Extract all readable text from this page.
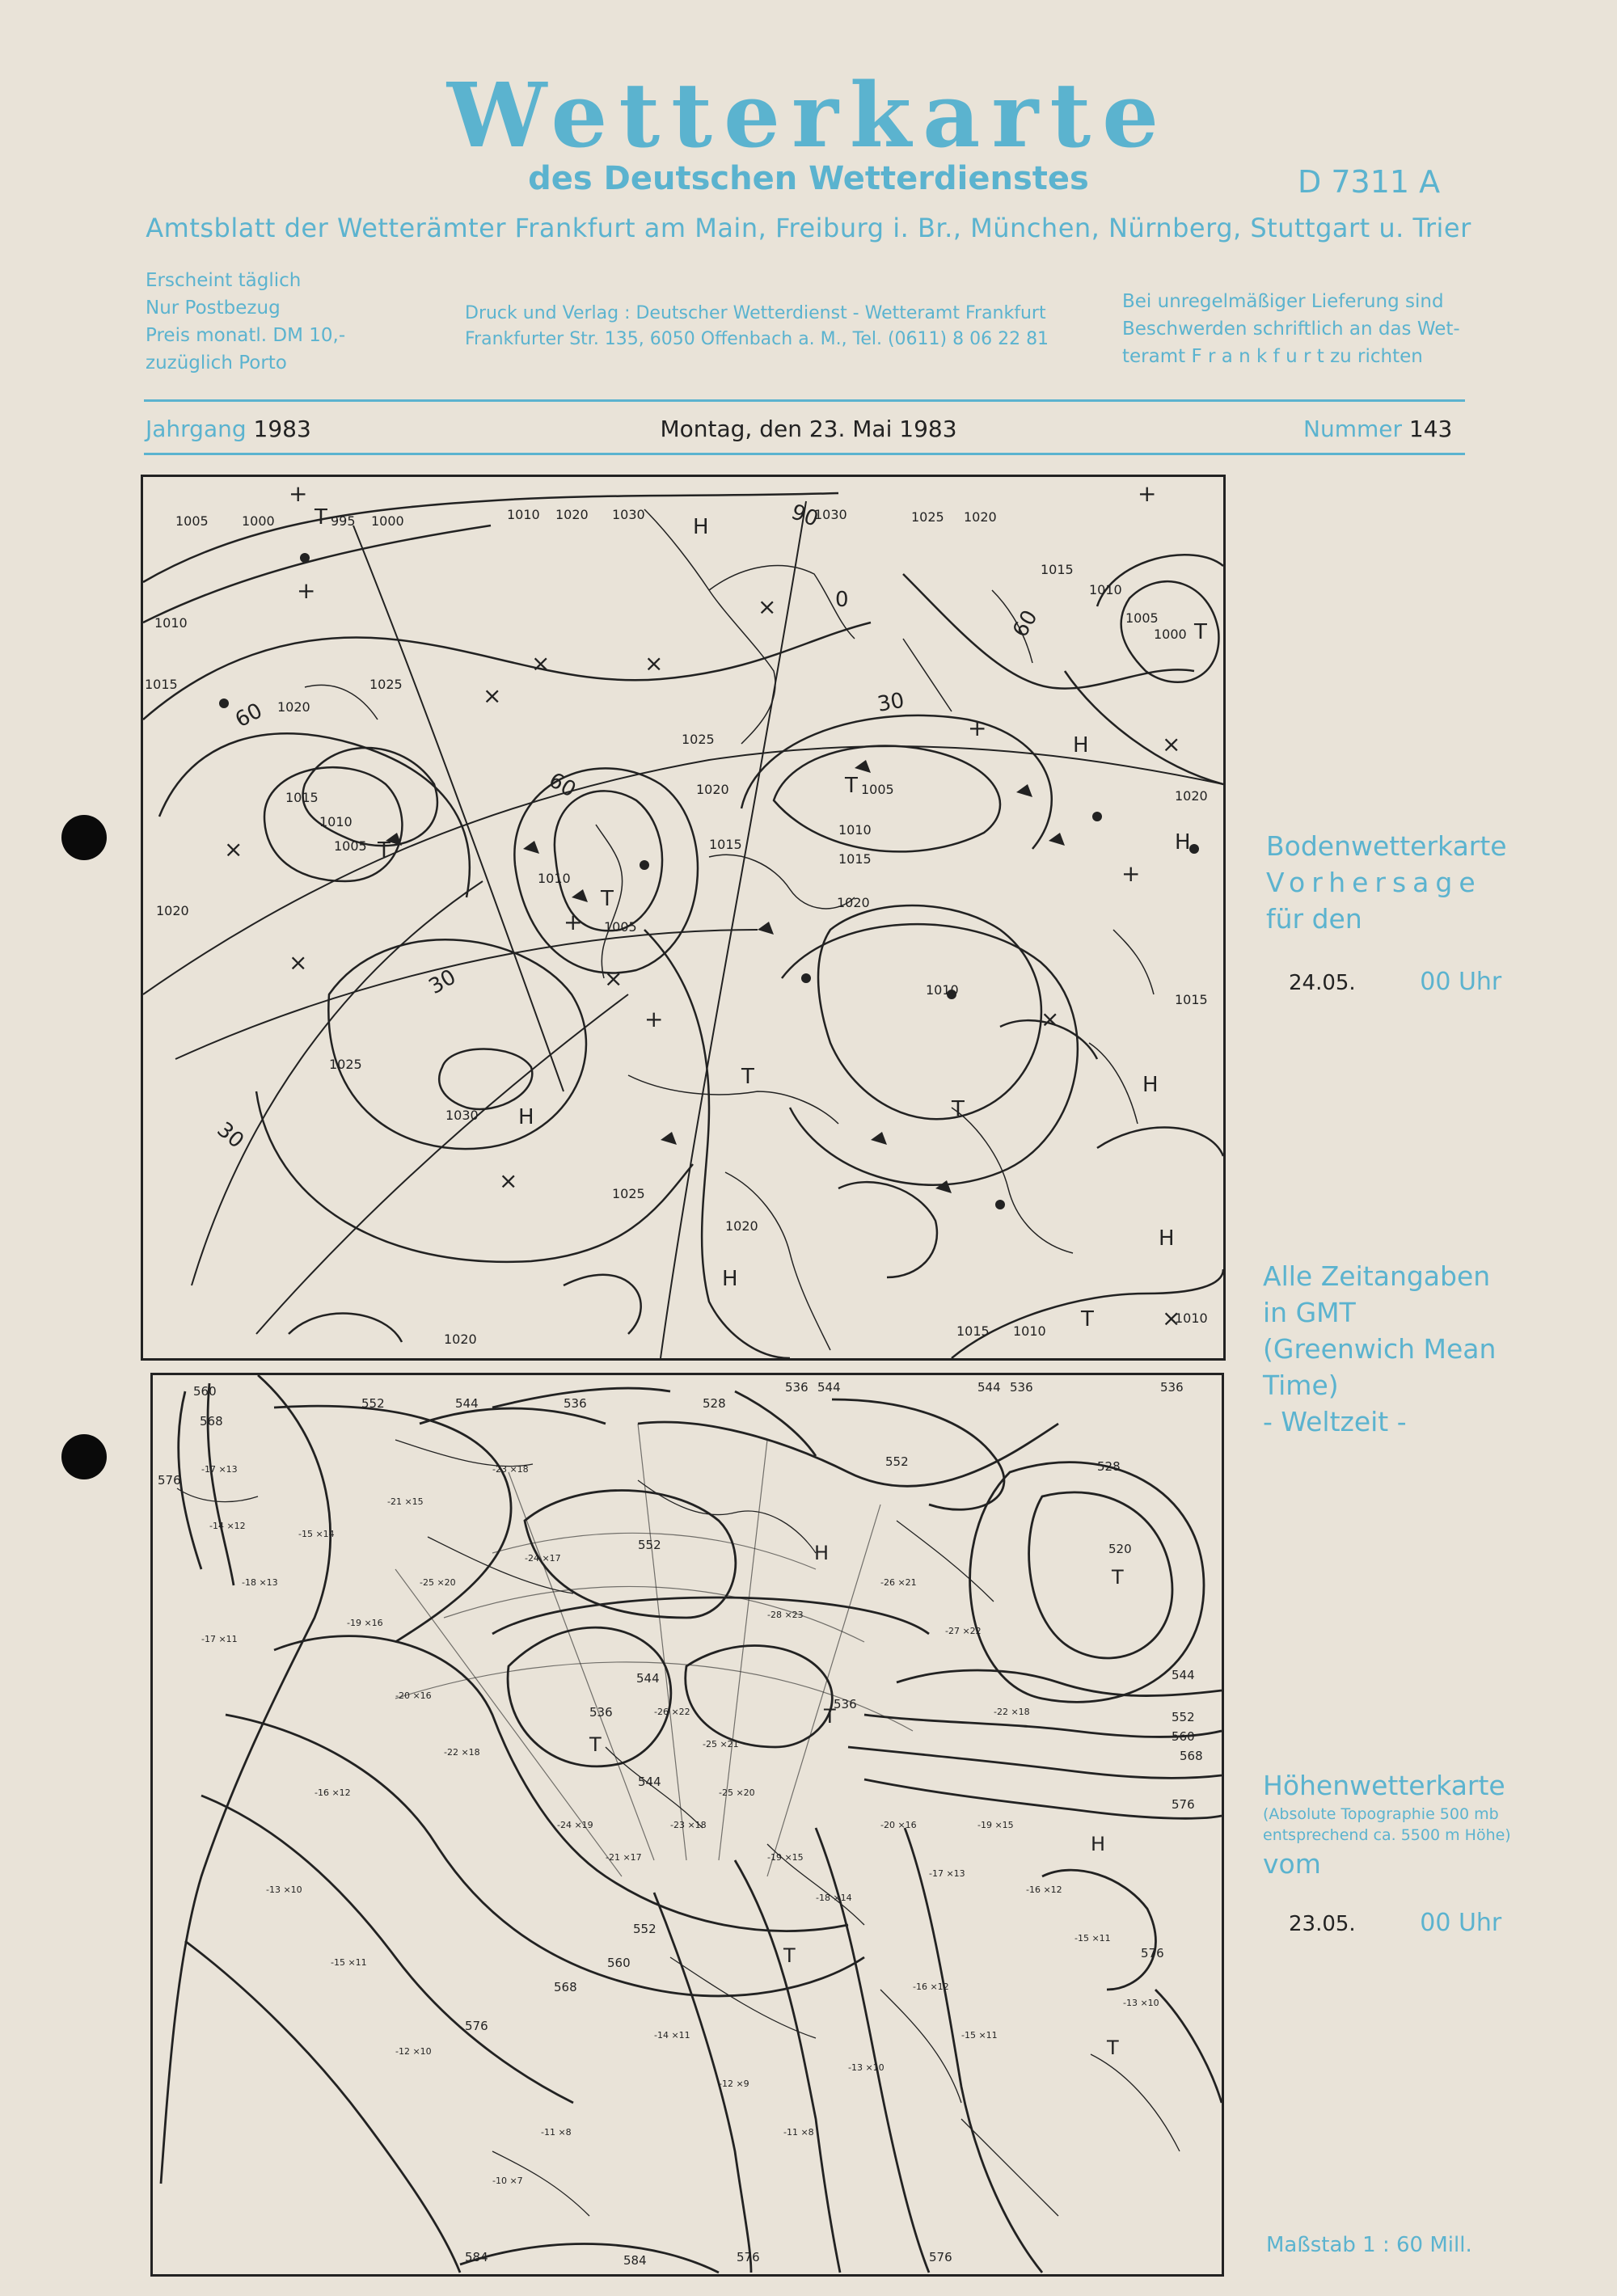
Wetterkarte
des Deutschen Wetterdienstes	D 7311 A
Amtsblatt der Wetterämter Frankfurt am Main, Freiburg i. Br., München, Nürnberg, Stuttgart u. Trier
Erscheint täglich
Nur Postbezug
Preis monatl. DM 10,-
zuzüglich Porto
Druck und Verlag : Deutscher Wetterdienst - Wetteramt Frankfurt
Frankfurter Str. 135, 6050 Offenbach a. M., Tel. (0611) 8 06 22 81
Bei unregelmäßiger Lieferung sind
Beschwerden schriftlich an das Wet-
teramt F r a n k f u r t zu richten
Jahrgang 1983	Montag, den 23. Mai 1983	Nummer 143
1005	1000	995 1000	1010 1020 1030	1030	1025 1020
1015
1010
1005
1000
1015
1010
1025
1020
1025
1020
1005
1015
1010
1015
1020
1010
1005
1010
1005
1015
1020
1025
1030
1025
1020
1020
1015 1010
1010
1020
1015
1010
60
60
60
30
30
30
0
90
T
T
T
T
T
T
T
T
H
H
H
H
H
H
H
+
+
×
×	×
×
×
×
+
×
+	×
+
×
+
+
×
×
Bodenwetterkarte
Vorhersage
für den
24.05.	00 Uhr
Alle Zeitangaben
in GMT
(Greenwich Mean
Time)
- Weltzeit -
560
568
576
552	544	536	528
536 544	544 536	536
528
520
552
544
552
560
568
576
552
544
536
536
544
552
560
568
576
584	584	576	576
576
T
T
T
T
T
H
H
-17 ×13
-14 ×12
-18 ×13
-17 ×11
-15 ×14
-19 ×16
-21 ×15
-25 ×20
-23 ×18
-24 ×17
-20 ×16
-22 ×18
-16 ×12
-13 ×10
-15 ×11
-12 ×10
-24 ×19
-21 ×17
-23 ×18
-25 ×20
-19 ×15
-18 ×14
-20 ×16
-17 ×13
-19 ×15
-16 ×12
-15 ×11
-13 ×10
-14 ×11
-12 ×9
-11 ×8
-13 ×10
-16 ×12
-15 ×11
-11 ×8
-10 ×7
-27 ×22
-22 ×18
-26 ×21
-28 ×23
-26 ×22
-25 ×21
Höhenwetterkarte
(Absolute Topographie 500 mb
entsprechend ca. 5500 m Höhe)
vom
23.05.	00 Uhr
Maßstab 1 : 60 Mill.
